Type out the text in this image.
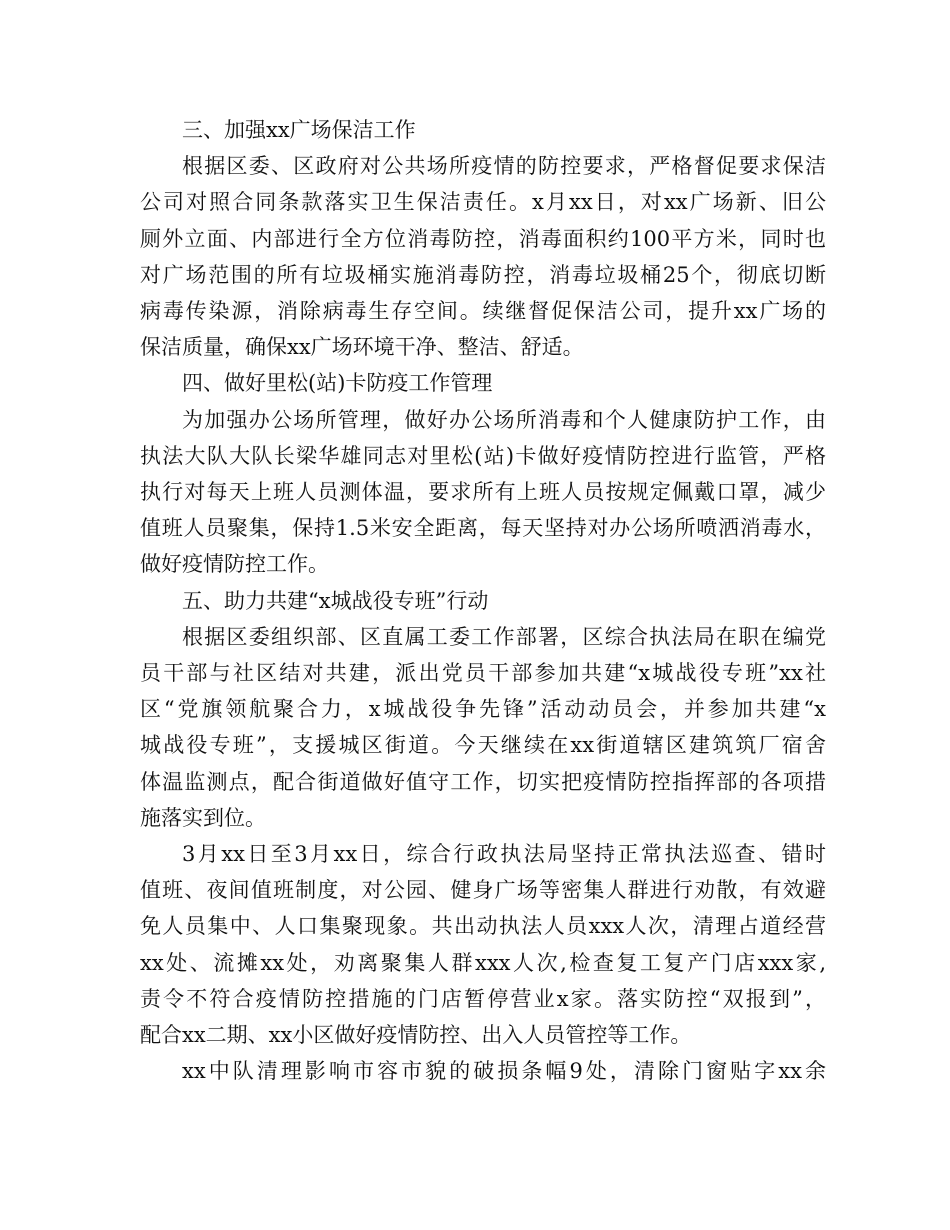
三、加强xx广场保洁工作
根据区委、区政府对公共场所疫情的防控要求，严格督促要求保洁
公司对照合同条款落实卫生保洁责任。x月xx日，对xx广场新、旧公
厕外立面、内部进行全方位消毒防控，消毒面积约100平方米，同时也
对广场范围的所有垃圾桶实施消毒防控，消毒垃圾桶25个，彻底切断
病毒传染源，消除病毒生存空间。续继督促保洁公司，提升xx广场的
保洁质量，确保xx广场环境干净、整洁、舒适。
四、做好里松(站)卡防疫工作管理
为加强办公场所管理，做好办公场所消毒和个人健康防护工作，由
执法大队大队长梁华雄同志对里松(站)卡做好疫情防控进行监管，严格
执行对每天上班人员测体温，要求所有上班人员按规定佩戴口罩，减少
值班人员聚集，保持1.5米安全距离，每天坚持对办公场所喷洒消毒水，
做好疫情防控工作。
五、助力共建“x城战役专班”行动
根据区委组织部、区直属工委工作部署，区综合执法局在职在编党
员干部与社区结对共建，派出党员干部参加共建“x城战役专班”xx社
区“党旗领航聚合力，x城战役争先锋”活动动员会，并参加共建“x
城战役专班”，支援城区街道。今天继续在xx街道辖区建筑筑厂宿舍
体温监测点，配合街道做好值守工作，切实把疫情防控指挥部的各项措
施落实到位。
3月xx日至3月xx日，综合行政执法局坚持正常执法巡查、错时
值班、夜间值班制度，对公园、健身广场等密集人群进行劝散，有效避
免人员集中、人口集聚现象。共出动执法人员xxx人次，清理占道经营
xx处、流摊xx处，劝离聚集人群xxx人次,检查复工复产门店xxx家,
责令不符合疫情防控措施的门店暂停营业x家。落实防控“双报到”，
配合xx二期、xx小区做好疫情防控、出入人员管控等工作。
xx中队清理影响市容市貌的破损条幅9处，清除门窗贴字xx余
